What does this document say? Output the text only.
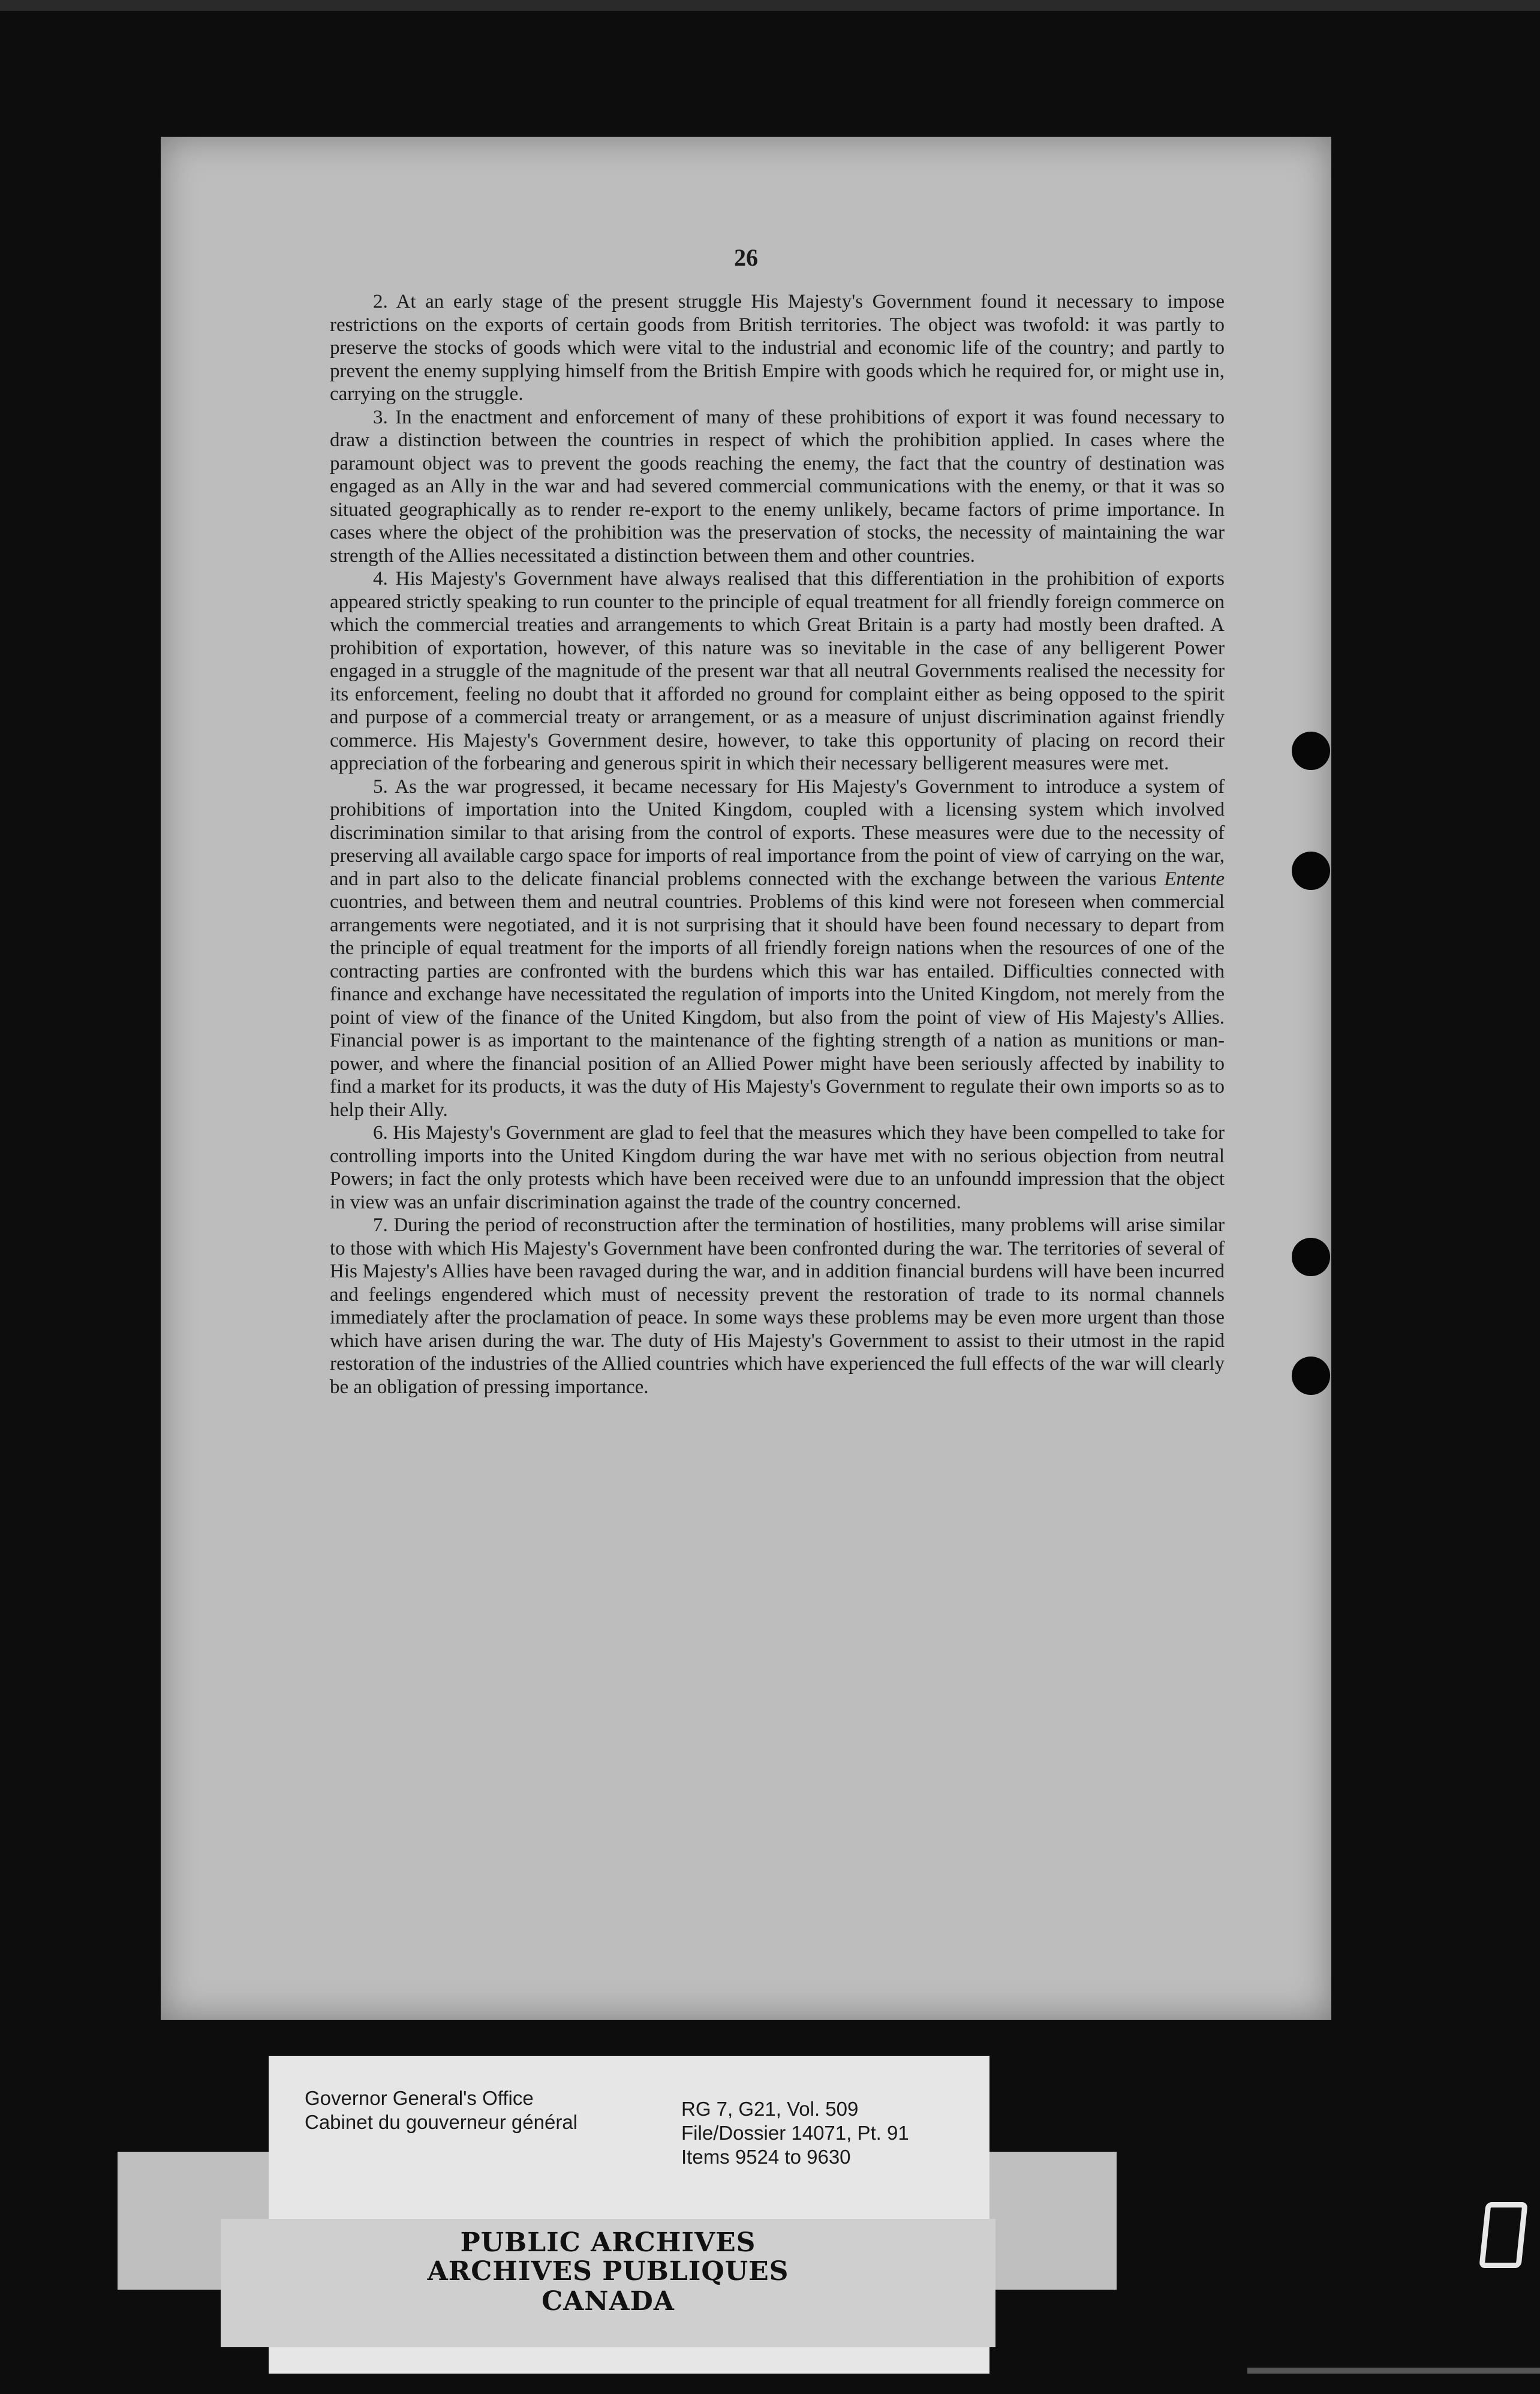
26

2. At an early stage of the present struggle His Majesty's Government found it necessary to impose restrictions on the exports of certain goods from British territories. The object was twofold: it was partly to preserve the stocks of goods which were vital to the industrial and economic life of the country; and partly to prevent the enemy supplying himself from the British Empire with goods which he required for, or might use in, carrying on the struggle.

3. In the enactment and enforcement of many of these prohibitions of export it was found necessary to draw a distinction between the countries in respect of which the prohibition applied. In cases where the paramount object was to prevent the goods reaching the enemy, the fact that the country of destination was engaged as an Ally in the war and had severed commercial communications with the enemy, or that it was so situated geographically as to render re-export to the enemy unlikely, became factors of prime importance. In cases where the object of the prohibition was the preservation of stocks, the necessity of maintaining the war strength of the Allies necessitated a distinction between them and other countries.

4. His Majesty's Government have always realised that this differentiation in the prohibition of exports appeared strictly speaking to run counter to the principle of equal treatment for all friendly foreign commerce on which the commercial treaties and arrangements to which Great Britain is a party had mostly been drafted. A prohibition of exportation, however, of this nature was so inevitable in the case of any belligerent Power engaged in a struggle of the magnitude of the present war that all neutral Governments realised the necessity for its enforcement, feeling no doubt that it afforded no ground for complaint either as being opposed to the spirit and purpose of a commercial treaty or arrangement, or as a measure of unjust discrimination against friendly commerce. His Majesty's Government desire, however, to take this opportunity of placing on record their appreciation of the forbearing and generous spirit in which their necessary belligerent measures were met.

5. As the war progressed, it became necessary for His Majesty's Government to introduce a system of prohibitions of importation into the United Kingdom, coupled with a licensing system which involved discrimination similar to that arising from the control of exports. These measures were due to the necessity of preserving all available cargo space for imports of real importance from the point of view of carrying on the war, and in part also to the delicate financial problems connected with the exchange between the various Entente cuontries, and between them and neutral countries. Problems of this kind were not foreseen when commercial arrangements were negotiated, and it is not surprising that it should have been found necessary to depart from the principle of equal treatment for the imports of all friendly foreign nations when the resources of one of the contracting parties are confronted with the burdens which this war has entailed. Difficulties connected with finance and exchange have necessitated the regulation of imports into the United Kingdom, not merely from the point of view of the finance of the United Kingdom, but also from the point of view of His Majesty's Allies. Financial power is as important to the maintenance of the fighting strength of a nation as munitions or man-power, and where the financial position of an Allied Power might have been seriously affected by inability to find a market for its products, it was the duty of His Majesty's Government to regulate their own imports so as to help their Ally.

6. His Majesty's Government are glad to feel that the measures which they have been compelled to take for controlling imports into the United Kingdom during the war have met with no serious objection from neutral Powers; in fact the only protests which have been received were due to an unfoundd impression that the object in view was an unfair discrimination against the trade of the country concerned.

7. During the period of reconstruction after the termination of hostilities, many problems will arise similar to those with which His Majesty's Government have been confronted during the war. The territories of several of His Majesty's Allies have been ravaged during the war, and in addition financial burdens will have been incurred and feelings engendered which must of necessity prevent the restoration of trade to its normal channels immediately after the proclamation of peace. In some ways these problems may be even more urgent than those which have arisen during the war. The duty of His Majesty's Government to assist to their utmost in the rapid restoration of the industries of the Allied countries which have experienced the full effects of the war will clearly be an obligation of pressing importance.

Governor General's Office
Cabinet du gouverneur général
RG 7, G21, Vol. 509
File/Dossier 14071, Pt. 91
Items 9524 to 9630
PUBLIC ARCHIVES
ARCHIVES PUBLIQUES
CANADA
